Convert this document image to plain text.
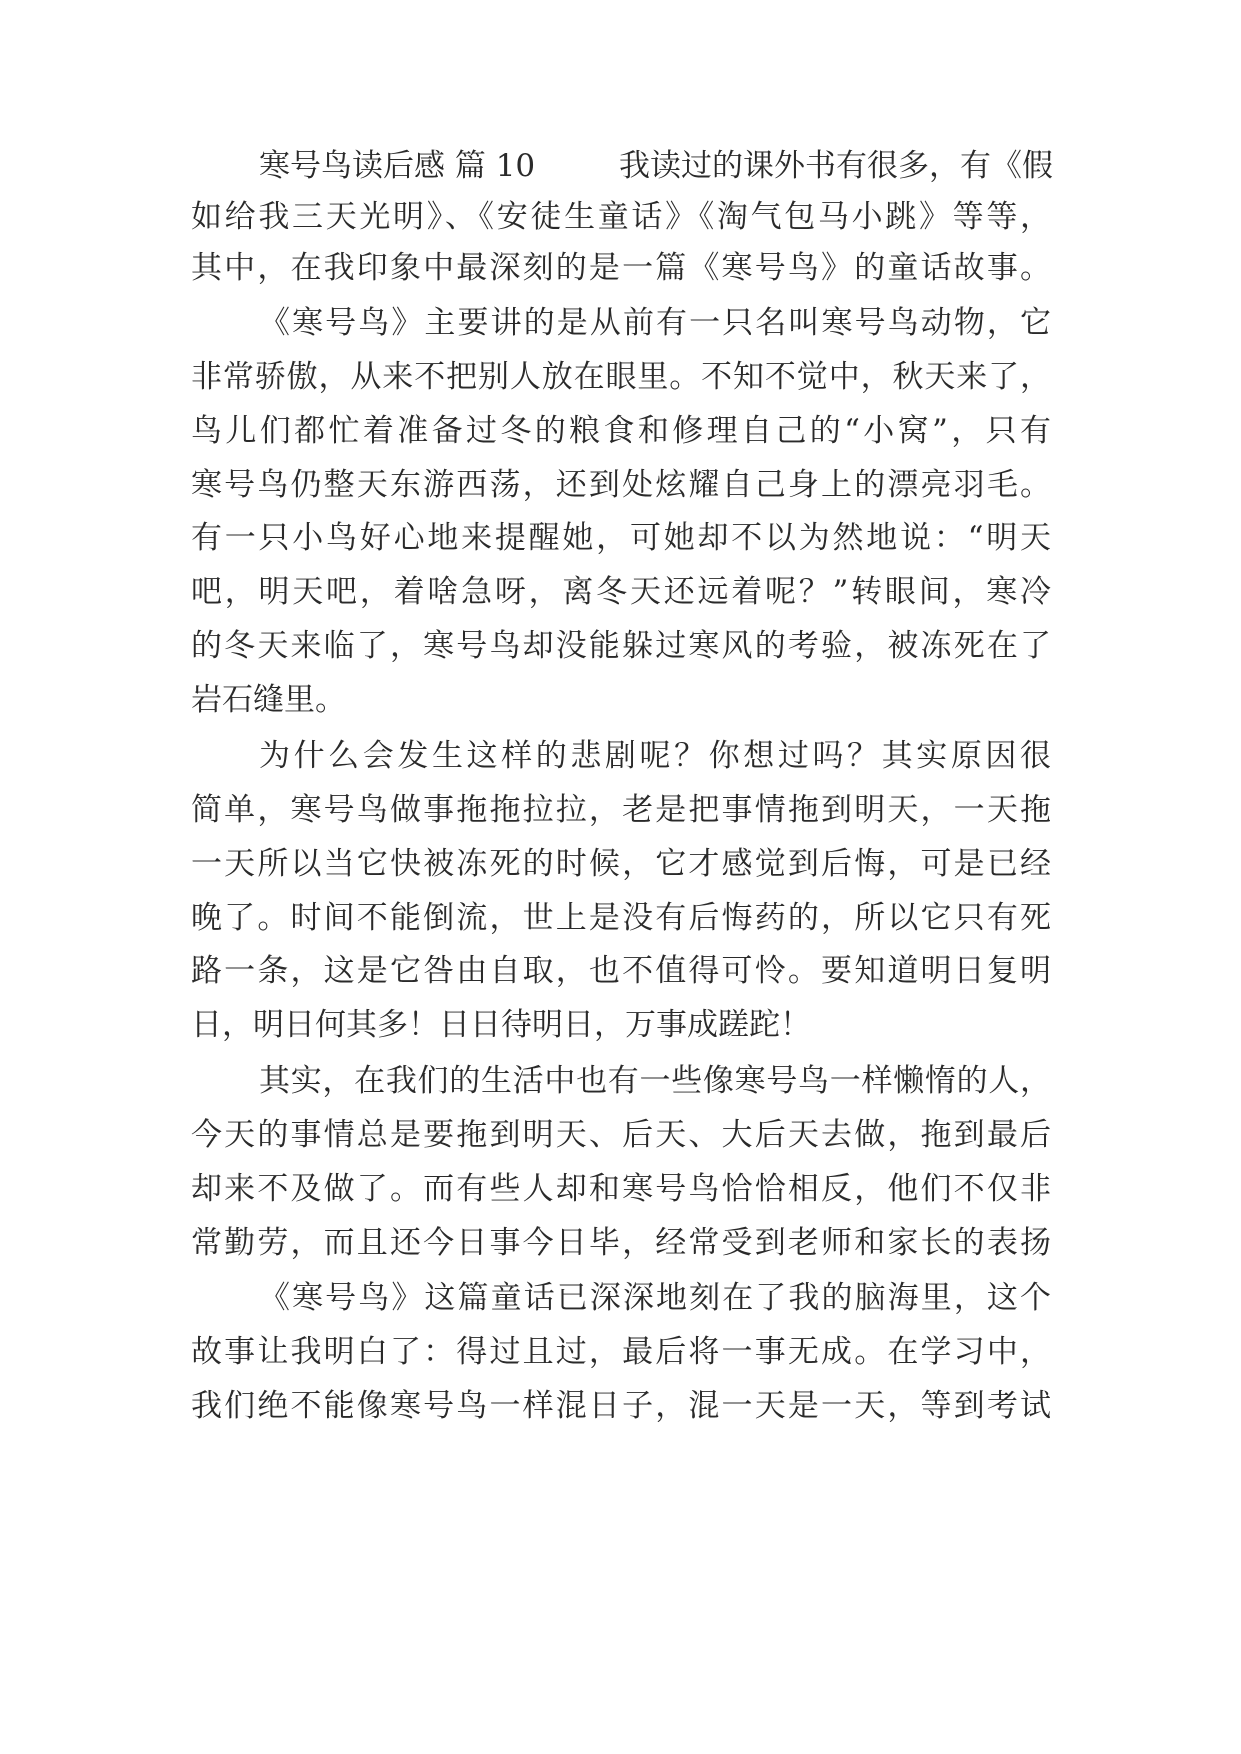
寒号鸟读后感 篇 10	我读过的课外书有很多，有《假
如给我三天光明》、《安徒生童话》《淘气包马小跳》等等，
其中，在我印象中最深刻的是一篇《寒号鸟》的童话故事。
《寒号鸟》主要讲的是从前有一只名叫寒号鸟动物，它
非常骄傲，从来不把别人放在眼里。不知不觉中，秋天来了，
鸟儿们都忙着准备过冬的粮食和修理自己的“小窝”，只有
寒号鸟仍整天东游西荡，还到处炫耀自己身上的漂亮羽毛。
有一只小鸟好心地来提醒她，可她却不以为然地说：“明天
吧，明天吧，着啥急呀，离冬天还远着呢？”转眼间，寒冷
的冬天来临了，寒号鸟却没能躲过寒风的考验，被冻死在了
岩石缝里。
为什么会发生这样的悲剧呢？你想过吗？其实原因很
简单，寒号鸟做事拖拖拉拉，老是把事情拖到明天，一天拖
一天所以当它快被冻死的时候，它才感觉到后悔，可是已经
晚了。时间不能倒流，世上是没有后悔药的，所以它只有死
路一条，这是它咎由自取，也不值得可怜。要知道明日复明
日，明日何其多！日日待明日，万事成蹉跎！
其实，在我们的生活中也有一些像寒号鸟一样懒惰的人，
今天的事情总是要拖到明天、后天、大后天去做，拖到最后
却来不及做了。而有些人却和寒号鸟恰恰相反，他们不仅非
常勤劳，而且还今日事今日毕，经常受到老师和家长的表扬
《寒号鸟》这篇童话已深深地刻在了我的脑海里，这个
故事让我明白了：得过且过，最后将一事无成。在学习中，
我们绝不能像寒号鸟一样混日子，混一天是一天，等到考试
